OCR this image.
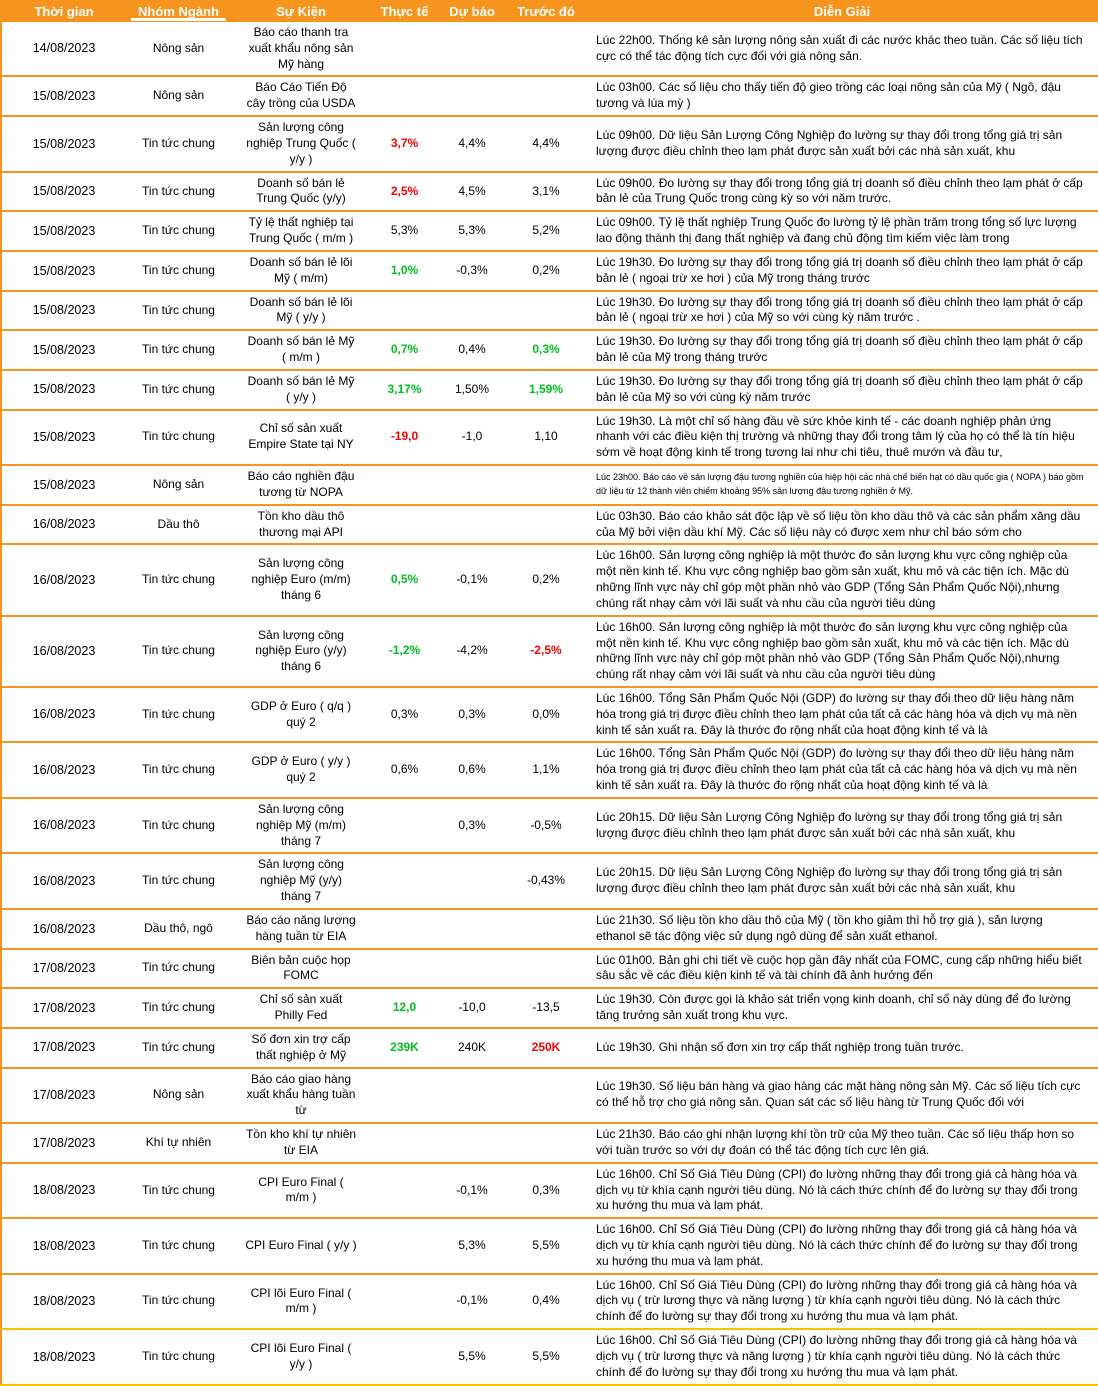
Thời gian	Nhóm Ngành	Sự Kiện	Thực tế	Dự báo	Trước đó	Diễn Giải
14/08/2023	Nông sản	Báo cáo thanh tra xuất khẩu nông sản Mỹ hàng				Lúc 22h00. Thống kê sản lượng nông sản xuất đi các nước khác theo tuần. Các số liệu tích cực có thể tác động tích cực đối với giá nông sản.
15/08/2023	Nông sản	Báo Cáo Tiến Độ cây trồng của USDA				Lúc 03h00. Các số liệu cho thấy tiến độ gieo trồng các loại nông sản của Mỹ ( Ngô, đậu tương và lúa mỳ )
15/08/2023	Tin tức chung	Sản lượng công nghiệp Trung Quốc ( y/y )	3,7%	4,4%	4,4%	Lúc 09h00. Dữ liệu Sản Lượng Công Nghiệp đo lường sự thay đổi trong tổng giá trị sản lượng được điều chỉnh theo lạm phát được sản xuất bởi các nhà sản xuất, khu
15/08/2023	Tin tức chung	Doanh số bán lẻ Trung Quốc (y/y)	2,5%	4,5%	3,1%	Lúc 09h00. Đo lường sự thay đổi trong tổng giá trị doanh số điều chỉnh theo lạm phát ở cấp bản lẻ của Trung Quốc trong cùng kỳ so với năm trước.
15/08/2023	Tin tức chung	Tỷ lệ thất nghiệp tại Trung Quốc ( m/m )	5,3%	5,3%	5,2%	Lúc 09h00. Tỷ lệ thất nghiệp Trung Quốc đo lường tỷ lệ phần trăm trong tổng số lực lượng lao động thành thị đang thất nghiệp và đang chủ động tìm kiếm việc làm trong
15/08/2023	Tin tức chung	Doanh số bán lẻ lõi Mỹ ( m/m)	1,0%	-0,3%	0,2%	Lúc 19h30. Đo lường sự thay đổi trong tổng giá trị doanh số điều chỉnh theo lạm phát ở cấp bản lẻ ( ngoại trừ xe hơi ) của Mỹ trong tháng trước
15/08/2023	Tin tức chung	Doanh số bán lẻ lõi Mỹ ( y/y )				Lúc 19h30. Đo lường sự thay đổi trong tổng giá trị doanh số điều chỉnh theo lạm phát ở cấp bản lẻ ( ngoại trừ xe hơi ) của Mỹ so với cùng kỳ năm trước .
15/08/2023	Tin tức chung	Doanh số bán lẻ Mỹ ( m/m )	0,7%	0,4%	0,3%	Lúc 19h30. Đo lường sự thay đổi trong tổng giá trị doanh số điều chỉnh theo lạm phát ở cấp bản lẻ của Mỹ trong tháng trước
15/08/2023	Tin tức chung	Doanh số bán lẻ Mỹ ( y/y )	3,17%	1,50%	1,59%	Lúc 19h30. Đo lường sự thay đổi trong tổng giá trị doanh số điều chỉnh theo lạm phát ở cấp bản lẻ của Mỹ so với cùng kỳ năm trước
15/08/2023	Tin tức chung	Chỉ số sản xuất Empire State tại NY	-19,0	-1,0	1,10	Lúc 19h30. Là một chỉ số hàng đầu về sức khỏe kinh tế - các doanh nghiệp phản ứng nhanh với các điều kiện thị trường và những thay đổi trong tâm lý của họ có thể là tín hiệu sớm về hoạt động kinh tế trong tương lai như chi tiêu, thuê mướn và đầu tư,
15/08/2023	Nông sản	Báo cáo nghiền đậu tương từ NOPA				Lúc 23h00. Báo cáo về sản lượng đậu tương nghiền của hiệp hội các nhà chế biến hạt có dầu quốc gia ( NOPA ) báo gồm dữ liệu từ 12 thành viên chiếm khoảng 95% sản lượng đậu tương nghiền ở Mỹ.
16/08/2023	Dầu thô	Tồn kho dầu thô thương mại API				Lúc 03h30. Báo cáo khảo sát độc lập về số liệu tồn kho dầu thô và các sản phẩm xăng dầu của Mỹ bởi viện dầu khí Mỹ. Các số liệu này có được xem như chỉ báo sớm cho
16/08/2023	Tin tức chung	Sản lượng công nghiệp Euro (m/m) tháng 6	0,5%	-0,1%	0,2%	Lúc 16h00. Sản lượng công nghiệp là một thước đo sản lượng khu vực công nghiệp của một nền kinh tế. Khu vực công nghiệp bao gồm sản xuất, khu mỏ và các tiện ích. Mặc dù những lĩnh vực này chỉ góp một phần nhỏ vào GDP (Tổng Sản Phẩm Quốc Nội),nhưng chúng rất nhạy cảm với lãi suất và nhu cầu của người tiêu dùng
16/08/2023	Tin tức chung	Sản lượng công nghiệp Euro (y/y) tháng 6	-1,2%	-4,2%	-2,5%	Lúc 16h00. Sản lượng công nghiệp là một thước đo sản lượng khu vực công nghiệp của một nền kinh tế. Khu vực công nghiệp bao gồm sản xuất, khu mỏ và các tiện ích. Mặc dù những lĩnh vực này chỉ góp một phần nhỏ vào GDP (Tổng Sản Phẩm Quốc Nội),nhưng chúng rất nhạy cảm với lãi suất và nhu cầu của người tiêu dùng
16/08/2023	Tin tức chung	GDP ở Euro ( q/q ) quý 2	0,3%	0,3%	0,0%	Lúc 16h00. Tổng Sản Phẩm Quốc Nội (GDP) đo lường sự thay đổi theo dữ liệu hàng năm hóa trong giá trị được điều chỉnh theo lạm phát của tất cả các hàng hóa và dịch vụ mà nền kinh tế sản xuất ra. Đây là thước đo rộng nhất của hoạt động kinh tế và là
16/08/2023	Tin tức chung	GDP ở Euro ( y/y ) quý 2	0,6%	0,6%	1,1%	Lúc 16h00. Tổng Sản Phẩm Quốc Nội (GDP) đo lường sự thay đổi theo dữ liệu hàng năm hóa trong giá trị được điều chỉnh theo lạm phát của tất cả các hàng hóa và dịch vụ mà nền kinh tế sản xuất ra. Đây là thước đo rộng nhất của hoạt động kinh tế và là
16/08/2023	Tin tức chung	Sản lượng công nghiệp Mỹ (m/m) tháng 7		0,3%	-0,5%	Lúc 20h15. Dữ liệu Sản Lượng Công Nghiệp đo lường sự thay đổi trong tổng giá trị sản lượng được điều chỉnh theo lạm phát được sản xuất bởi các nhà sản xuất, khu
16/08/2023	Tin tức chung	Sản lượng công nghiệp Mỹ (y/y) tháng 7			-0,43%	Lúc 20h15. Dữ liệu Sản Lượng Công Nghiệp đo lường sự thay đổi trong tổng giá trị sản lượng được điều chỉnh theo lạm phát được sản xuất bởi các nhà sản xuất, khu
16/08/2023	Dầu thô, ngô	Báo cáo năng lượng hàng tuần từ EIA				Lúc 21h30. Số liệu tồn kho dầu thô của Mỹ ( tồn kho giảm thì hỗ trợ giá ), sản lượng ethanol sẽ tác động việc sử dụng ngô dùng để sản xuất ethanol.
17/08/2023	Tin tức chung	Biên bản cuộc họp FOMC				Lúc 01h00. Bản ghi chi tiết về cuộc họp gần đây nhất của FOMC, cung cấp những hiểu biết sâu sắc về các điều kiện kinh tế và tài chính đã ảnh hưởng đến
17/08/2023	Tin tức chung	Chỉ số sản xuất Philly Fed	12,0	-10,0	-13,5	Lúc 19h30. Còn được gọi là khảo sát triển vọng kinh doanh, chỉ số này dùng để đo lường tăng trưởng sản xuất trong khu vực.
17/08/2023	Tin tức chung	Số đơn xin trợ cấp thất nghiệp ở Mỹ	239K	240K	250K	Lúc 19h30. Ghi nhận số đơn xin trợ cấp thất nghiệp trong tuần trước.
17/08/2023	Nông sản	Báo cáo giao hàng xuất khẩu hàng tuần từ				Lúc 19h30. Số liệu bán hàng và giao hàng các mặt hàng nông sản Mỹ. Các số liệu tích cực có thể hỗ trợ cho giá nông sản. Quan sát các số liệu hàng từ Trung Quốc đối với
17/08/2023	Khí tự nhiên	Tồn kho khí tự nhiên từ EIA				Lúc 21h30. Báo cáo ghi nhận lượng khí tồn trữ của Mỹ theo tuần. Các số liệu thấp hơn so với tuần trước so với dự đoán có thể tác động tích cực lên giá.
18/08/2023	Tin tức chung	CPI Euro Final ( m/m )		-0,1%	0,3%	Lúc 16h00. Chỉ Số Giá Tiêu Dùng (CPI) đo lường những thay đổi trong giá cả hàng hóa và dịch vụ từ khía cạnh người tiêu dùng. Nó là cách thức chính để đo lường sự thay đổi trong xu hướng thu mua và lạm phát.
18/08/2023	Tin tức chung	CPI Euro Final ( y/y )		5,3%	5,5%	Lúc 16h00. Chỉ Số Giá Tiêu Dùng (CPI) đo lường những thay đổi trong giá cả hàng hóa và dịch vụ từ khía cạnh người tiêu dùng. Nó là cách thức chính để đo lường sự thay đổi trong xu hướng thu mua và lạm phát.
18/08/2023	Tin tức chung	CPI lõi Euro Final ( m/m )		-0,1%	0,4%	Lúc 16h00. Chỉ Số Giá Tiêu Dùng (CPI) đo lường những thay đổi trong giá cả hàng hóa và dịch vụ ( trừ lương thực và năng lượng ) từ khía cạnh người tiêu dùng. Nó là cách thức chính để đo lường sự thay đổi trong xu hướng thu mua và lạm phát.
18/08/2023	Tin tức chung	CPI lõi Euro Final ( y/y )		5,5%	5,5%	Lúc 16h00. Chỉ Số Giá Tiêu Dùng (CPI) đo lường những thay đổi trong giá cả hàng hóa và dịch vụ ( trừ lương thực và năng lượng ) từ khía cạnh người tiêu dùng. Nó là cách thức chính để đo lường sự thay đổi trong xu hướng thu mua và lạm phát.
